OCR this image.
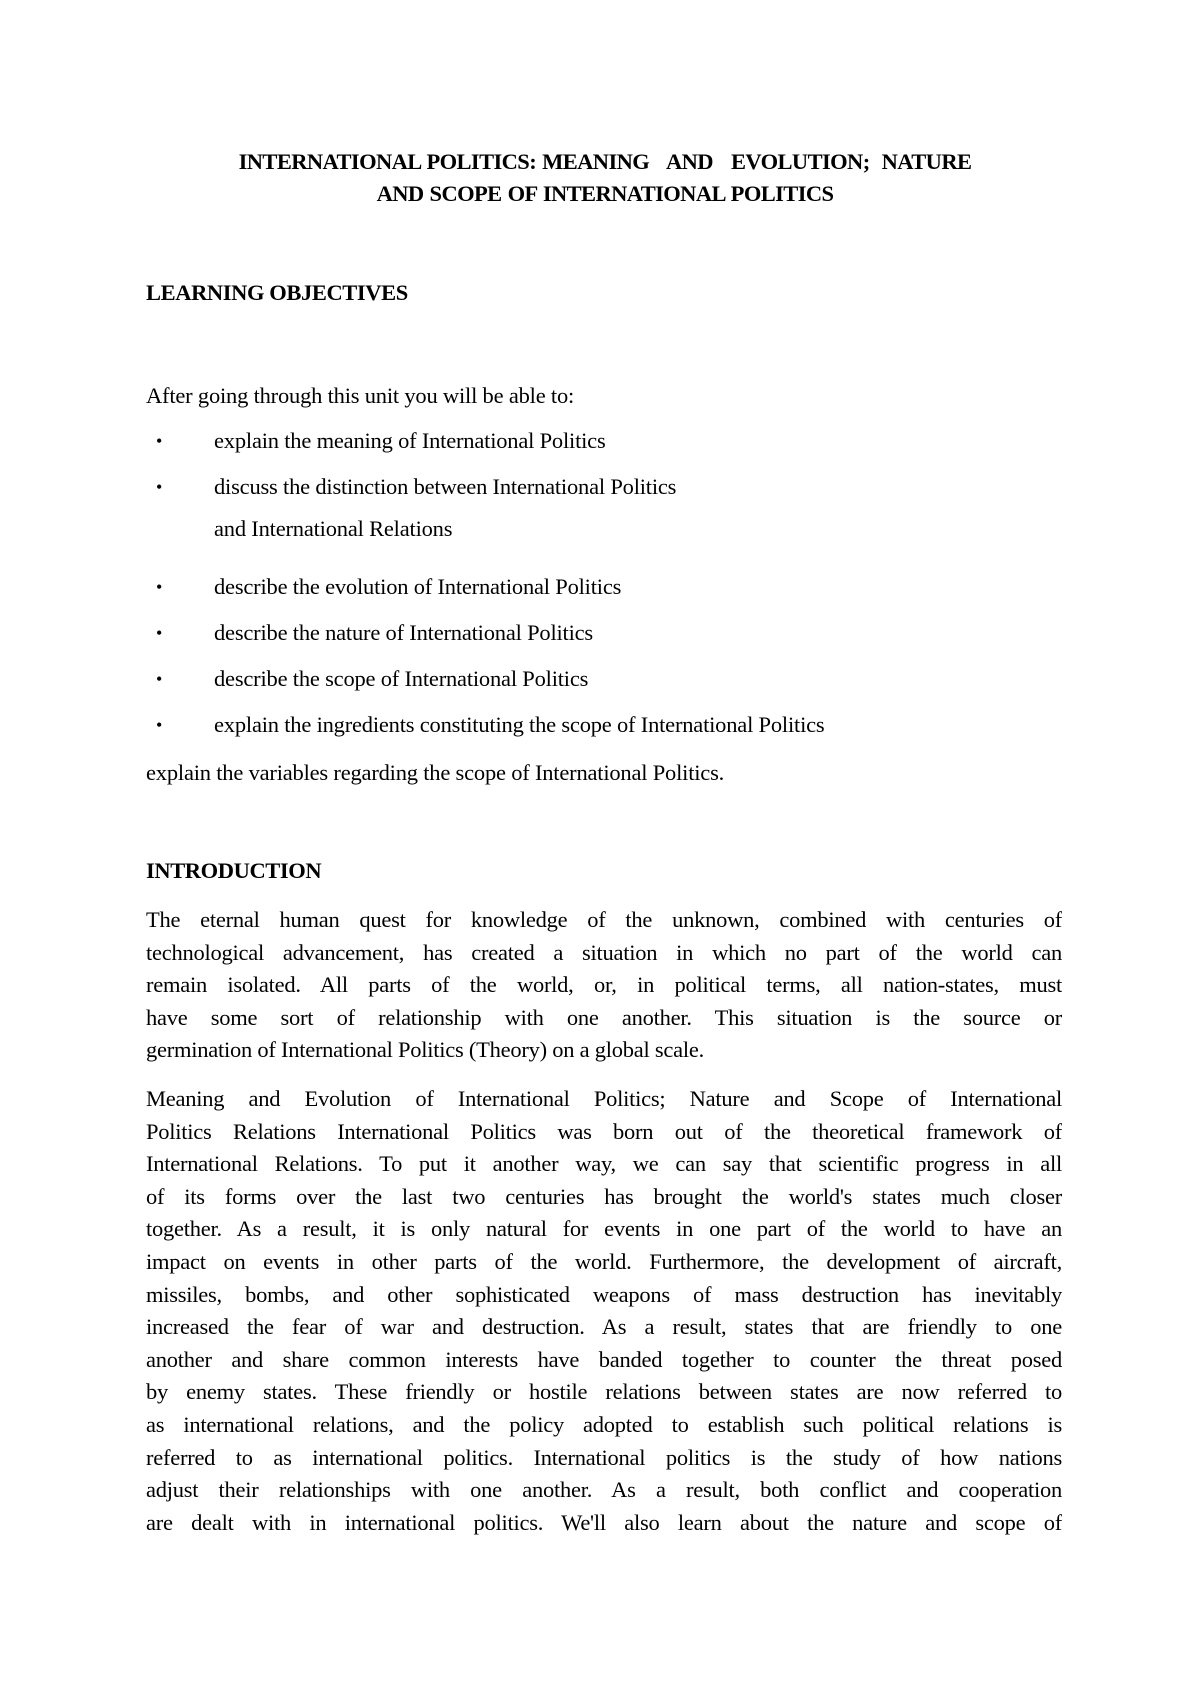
INTERNATIONAL POLITICS: MEANING   AND   EVOLUTION;  NATURE
AND SCOPE OF INTERNATIONAL POLITICS
LEARNING OBJECTIVES
After going through this unit you will be able to:
• explain the meaning of International Politics
• discuss the distinction between International Politics
and International Relations
• describe the evolution of International Politics
• describe the nature of International Politics
• describe the scope of International Politics
• explain the ingredients constituting the scope of International Politics
explain the variables regarding the scope of International Politics.
INTRODUCTION
The eternal human quest for knowledge of the unknown, combined with centuries of
technological advancement, has created a situation in which no part of the world can
remain isolated. All parts of the world, or, in political terms, all nation-states, must
have some sort of relationship with one another. This situation is the source or
germination of International Politics (Theory) on a global scale.
Meaning and Evolution of International Politics; Nature and Scope of International
Politics Relations International Politics was born out of the theoretical framework of
International Relations. To put it another way, we can say that scientific progress in all
of its forms over the last two centuries has brought the world's states much closer
together. As a result, it is only natural for events in one part of the world to have an
impact on events in other parts of the world. Furthermore, the development of aircraft,
missiles, bombs, and other sophisticated weapons of mass destruction has inevitably
increased the fear of war and destruction. As a result, states that are friendly to one
another and share common interests have banded together to counter the threat posed
by enemy states. These friendly or hostile relations between states are now referred to
as international relations, and the policy adopted to establish such political relations is
referred to as international politics. International politics is the study of how nations
adjust their relationships with one another. As a result, both conflict and cooperation
are dealt with in international politics. We'll also learn about the nature and scope of
